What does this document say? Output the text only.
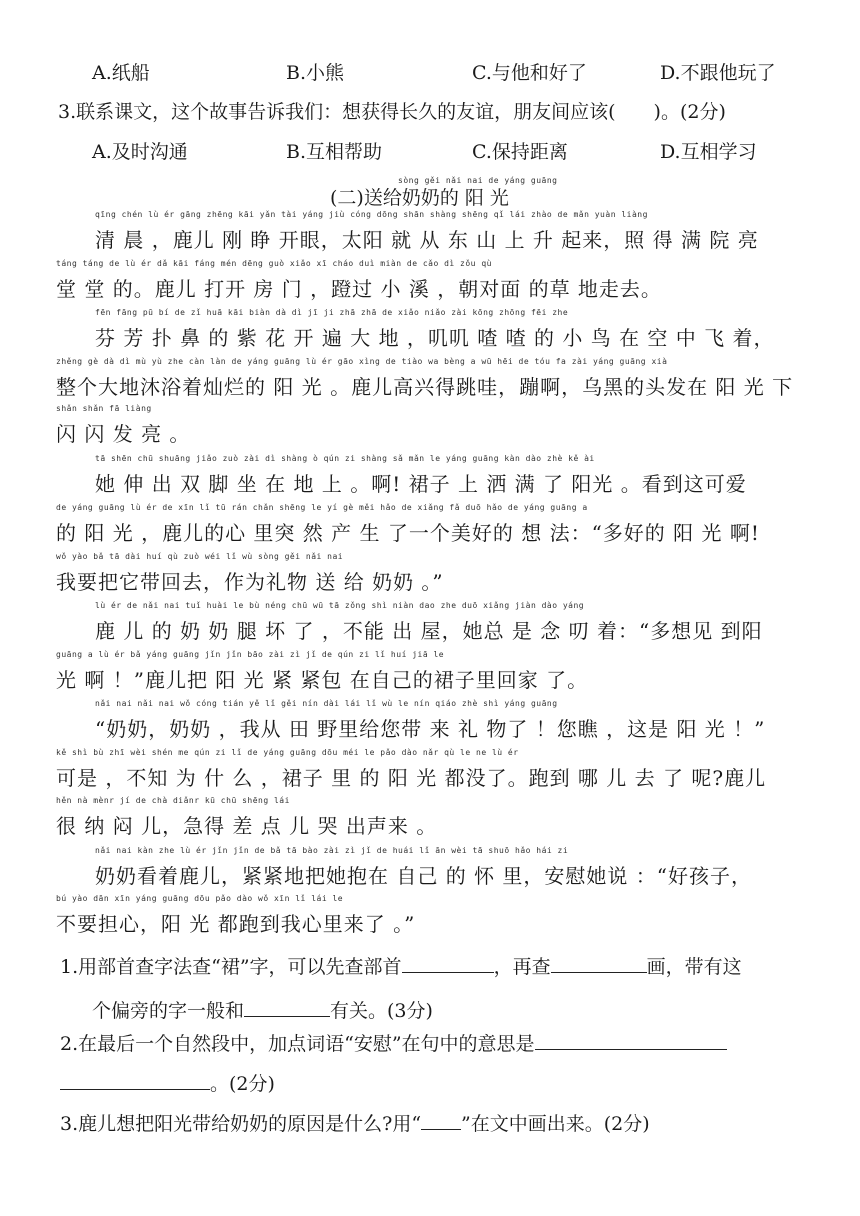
A.纸船	B.小熊	C.与他和好了	D.不跟他玩了
3.联系课文，这个故事告诉我们：想获得长久的友谊，朋友间应该(　　)。(2分)
A.及时沟通	B.互相帮助	C.保持距离	D.互相学习
sòng gěi nǎi nai de yáng guāng
(二)送给奶奶的 阳 光
qīng chén lù ér gāng zhēng kāi yǎn tài yáng jiù cóng dōng shān shàng shēng qǐ lái zhào de mǎn yuàn liàng
清 晨 ，鹿儿 刚 睁 开眼，太阳 就 从 东 山 上 升 起来，照 得 满 院 亮
táng táng de lù ér dǎ kāi fáng mén dēng guò xiǎo xī cháo duì miàn de cǎo dì zǒu qù
堂 堂 的。鹿儿 打开 房 门 ，蹬过 小 溪 ，朝对面 的草 地走去。
fēn fāng pū bí de zǐ huā kāi biàn dà dì jī ji zhā zhā de xiǎo niǎo zài kōng zhōng fēi zhe
芬 芳 扑 鼻 的 紫 花 开 遍 大 地 ，叽叽 喳 喳 的 小 鸟 在 空 中 飞 着，
zhěng gè dà dì mù yù zhe càn làn de yáng guāng lù ér gāo xìng de tiào wa bèng a wū hēi de tóu fa zài yáng guāng xià
整个大地沐浴着灿烂的 阳 光 。鹿儿高兴得跳哇，蹦啊，乌黑的头发在 阳 光 下
shǎn shǎn fā liàng
闪 闪 发 亮 。
tā shēn chū shuāng jiǎo zuò zài dì shàng ò qún zi shàng sǎ mǎn le yáng guāng kàn dào zhè kě ài
她 伸 出 双 脚 坐 在 地 上 。啊! 裙子 上 洒 满 了 阳光 。看到这可爱
de yáng guāng lù ér de xīn lǐ tū rán chǎn shēng le yí gè měi hǎo de xiǎng fǎ duō hǎo de yáng guāng a
的 阳 光 ，鹿儿的心 里突 然 产 生 了一个美好的 想 法：“多好的 阳 光 啊!
wǒ yào bǎ tā dài huí qù zuò wéi lǐ wù sòng gěi nǎi nai
我要把它带回去，作为礼物 送 给 奶奶 。”
lù ér de nǎi nai tuǐ huài le bù néng chū wū tā zǒng shì niàn dao zhe duō xiǎng jiàn dào yáng
鹿 儿 的 奶 奶 腿 坏 了 ，不能 出 屋，她总 是 念 叨 着：“多想见 到阳
guāng a lù ér bǎ yáng guāng jǐn jǐn bāo zài zì jǐ de qún zi lǐ huí jiā le
光 啊 ！”鹿儿把 阳 光 紧 紧包 在自己的裙子里回家 了。
nǎi nai nǎi nai wǒ cóng tián yě lǐ gěi nín dài lái lǐ wù le nín qiáo zhè shì yáng guāng
“奶奶，奶奶 ，我从 田 野里给您带 来 礼 物了 ！您瞧 ，这是 阳 光 ！”
kě shì bù zhī wèi shén me qún zi lǐ de yáng guāng dōu méi le pǎo dào nǎr qù le ne lù ér
可是 ，不知 为 什 么 ，裙子 里 的 阳 光 都没了。跑到 哪 儿 去 了 呢?鹿儿
hěn nà mènr jí de chà diǎnr kū chū shēng lái
很 纳 闷 儿，急得 差 点 儿 哭 出声来 。
nǎi nai kàn zhe lù ér jǐn jǐn de bǎ tā bào zài zì jǐ de huái lǐ ān wèi tā shuō hǎo hái zi
奶奶看着鹿儿，紧紧地把她抱在 自己 的 怀 里，安慰她说 ：“好孩子，
bú yào dān xīn yáng guāng dōu pǎo dào wǒ xīn lǐ lái le
不要担心，阳 光 都跑到我心里来了 。”
1.用部首查字法查“裙”字，可以先查部首	，再查	画，带有这
个偏旁的字一般和	有关。(3分)
2.在最后一个自然段中，加点词语“安慰”在句中的意思是
。(2分)
3.鹿儿想把阳光带给奶奶的原因是什么?用“ ”在文中画出来。(2分)
